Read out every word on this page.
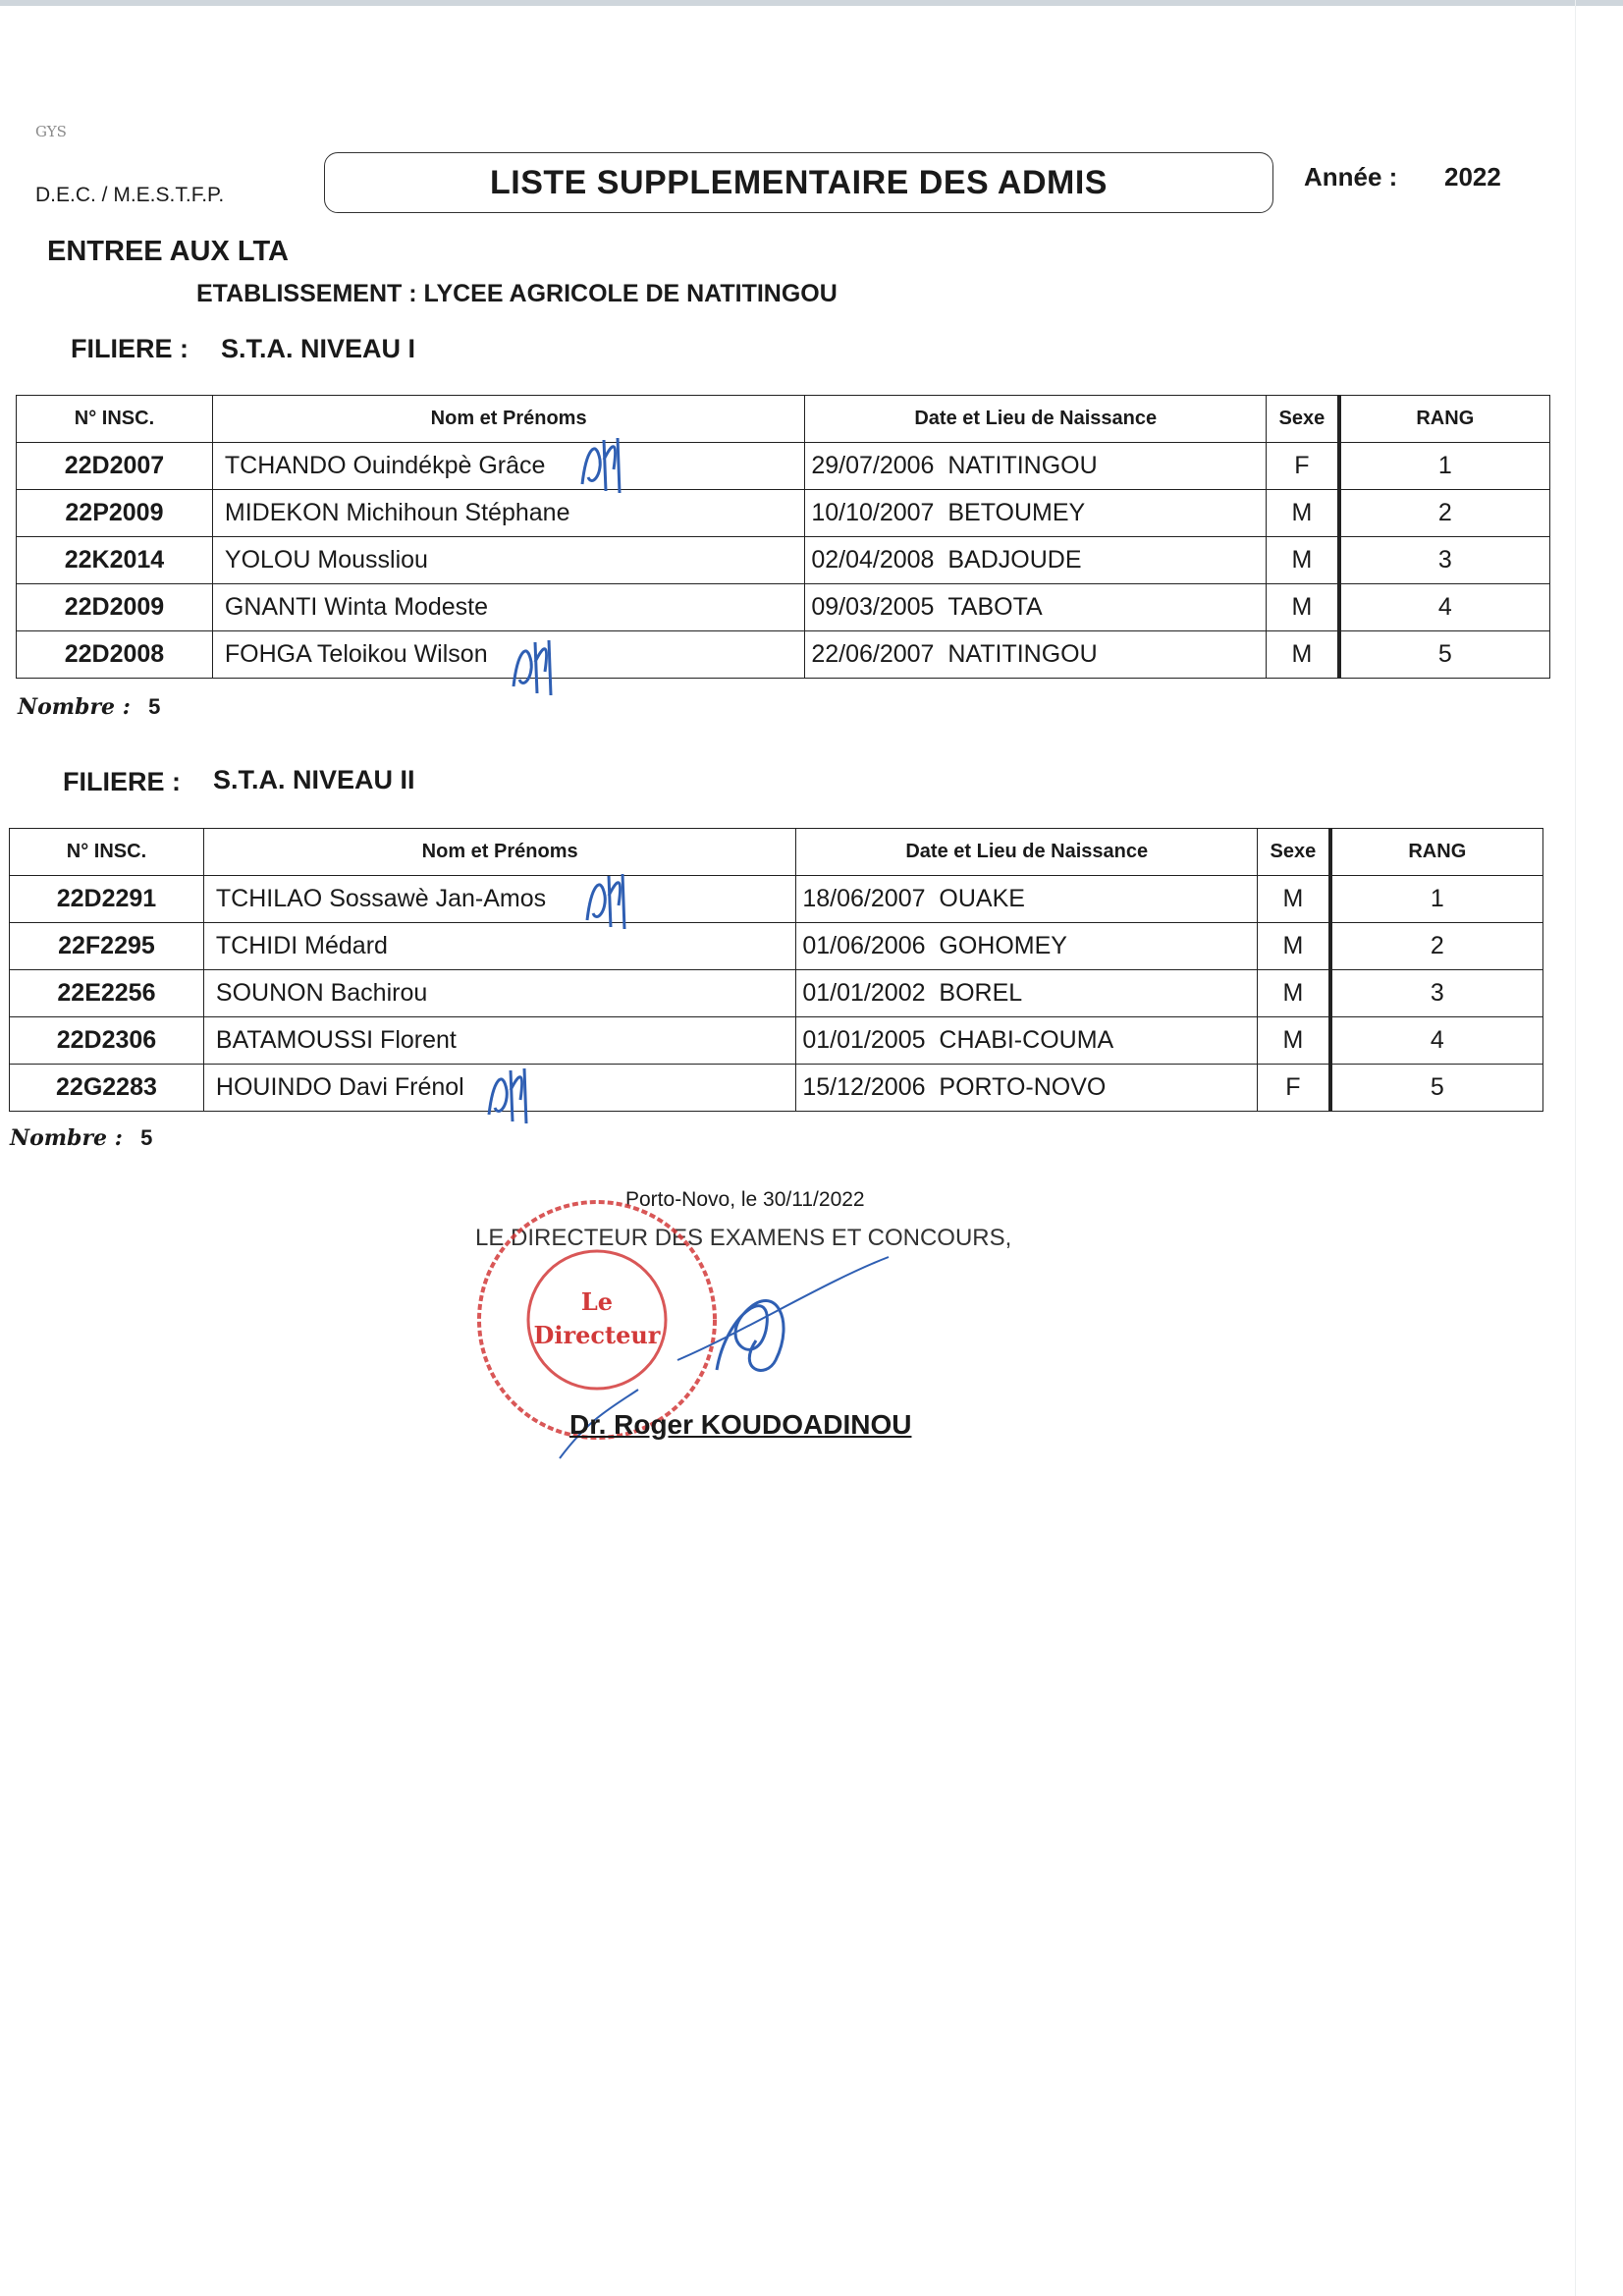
GYS
D.E.C. / M.E.S.T.F.P.	LISTE SUPPLEMENTAIRE DES ADMIS	Année : 2022
ENTREE AUX LTA
ETABLISSEMENT : LYCEE AGRICOLE DE NATITINGOU
FILIERE : S.T.A. NIVEAU I
N° INSC.	Nom et Prénoms	Date et Lieu de Naissance	Sexe	RANG
22D2007	TCHANDO Ouindékpè Grâce	29/07/2006 NATITINGOU	F	1
22P2009	MIDEKON Michihoun Stéphane	10/10/2007 BETOUMEY	M	2
22K2014	YOLOU Moussliou	02/04/2008 BADJOUDE	M	3
22D2009	GNANTI Winta Modeste	09/03/2005 TABOTA	M	4
22D2008	FOHGA Teloikou Wilson	22/06/2007 NATITINGOU	M	5
Nombre : 5
FILIERE : S.T.A. NIVEAU II
N° INSC.	Nom et Prénoms	Date et Lieu de Naissance	Sexe	RANG
22D2291	TCHILAO Sossawè Jan-Amos	18/06/2007 OUAKE	M	1
22F2295	TCHIDI Médard	01/06/2006 GOHOMEY	M	2
22E2256	SOUNON Bachirou	01/01/2002 BOREL	M	3
22D2306	BATAMOUSSI Florent	01/01/2005 CHABI-COUMA	M	4
22G2283	HOUINDO Davi Frénol	15/12/2006 PORTO-NOVO	F	5
Nombre : 5
Porto-Novo, le 30/11/2022
LE DIRECTEUR DES EXAMENS ET CONCOURS,
Le
Directeur
Dr. Roger KOUDOADINOU
